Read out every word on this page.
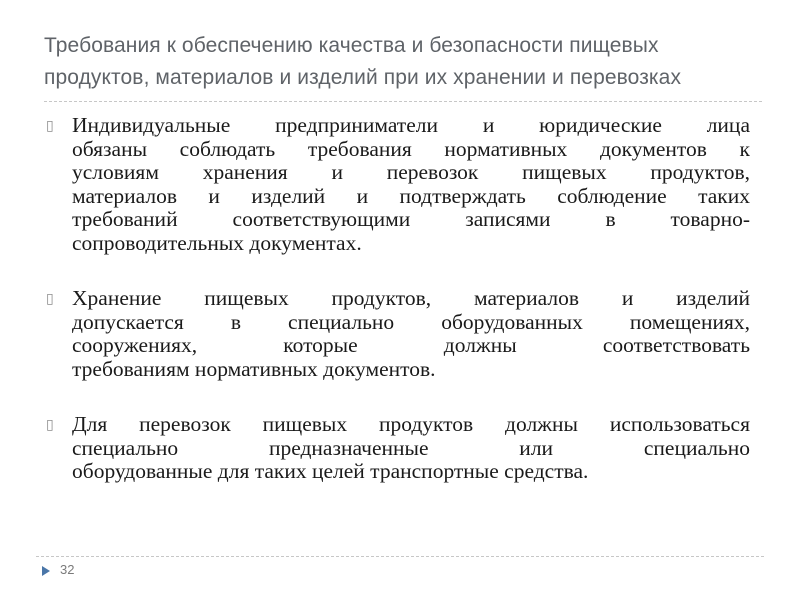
Требования к обеспечению качества и безопасности пищевых
продуктов, материалов и изделий при их хранении и перевозках
▯ Индивидуальные предприниматели и юридические лица
обязаны соблюдать требования нормативных документов к
условиям хранения и перевозок пищевых продуктов,
материалов и изделий и подтверждать соблюдение таких
требований соответствующими записями в товарно-
сопроводительных документах.
▯ Хранение пищевых продуктов, материалов и изделий
допускается в специально оборудованных помещениях,
сооружениях, которые должны соответствовать
требованиям нормативных документов.
▯ Для перевозок пищевых продуктов должны использоваться
специально предназначенные или специально
оборудованные для таких целей транспортные средства.
32
